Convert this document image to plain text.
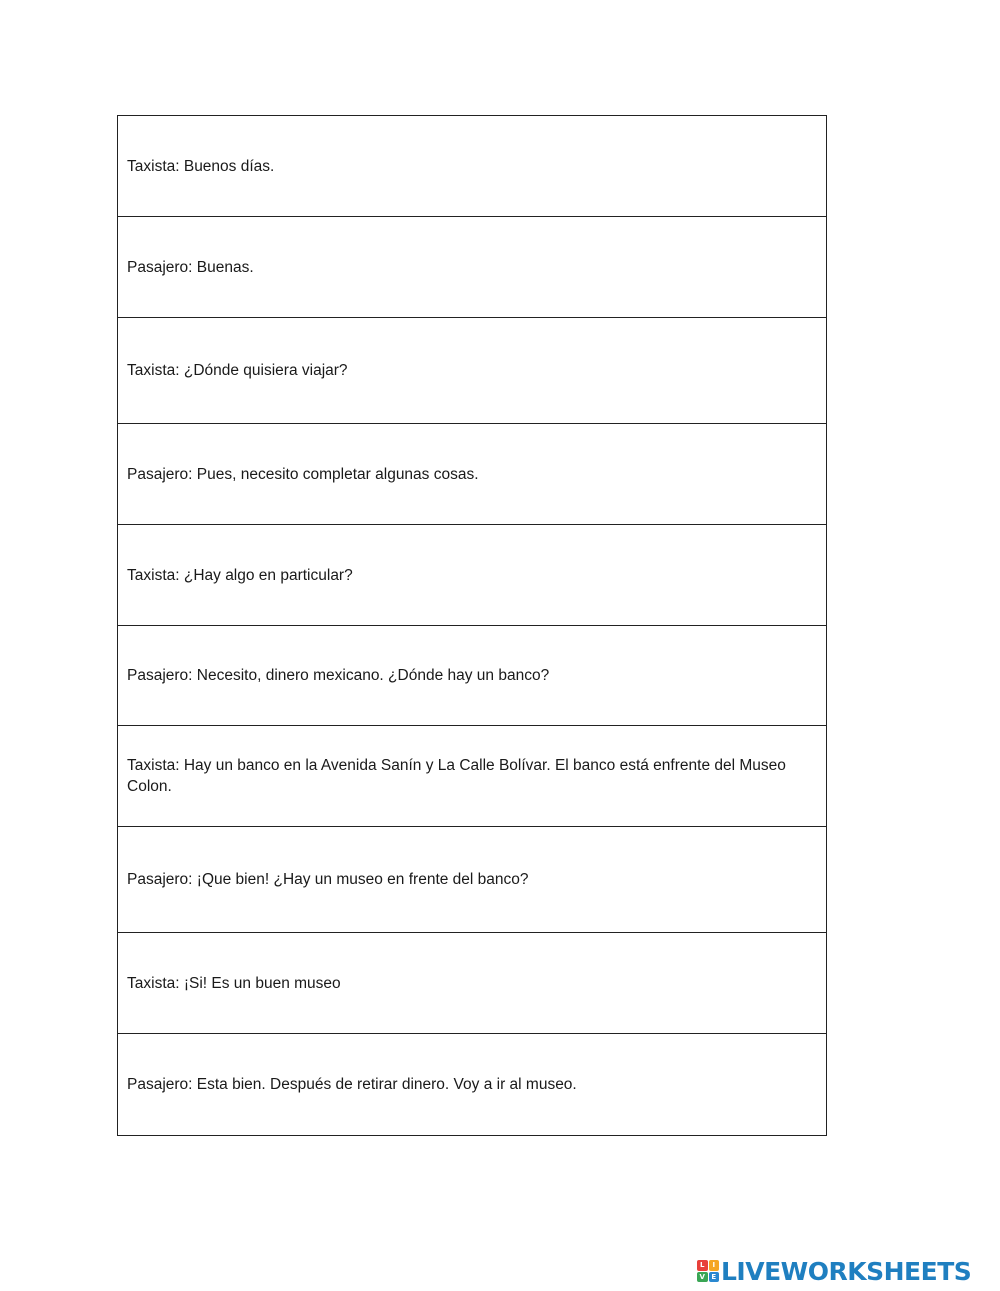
Taxista: Buenos días.
Pasajero: Buenas.
Taxista: ¿Dónde quisiera viajar?
Pasajero: Pues, necesito completar algunas cosas.
Taxista: ¿Hay algo en particular?
Pasajero: Necesito, dinero mexicano. ¿Dónde hay un banco?
Taxista: Hay un banco en la Avenida Sanín y La Calle Bolívar. El banco está enfrente del Museo Colon.
Pasajero: ¡Que bien! ¿Hay un museo en frente del banco?
Taxista: ¡Si! Es un buen museo
Pasajero: Esta bien. Después de retirar dinero. Voy a ir al museo.
L	I
V E LIVEWORKSHEETS
